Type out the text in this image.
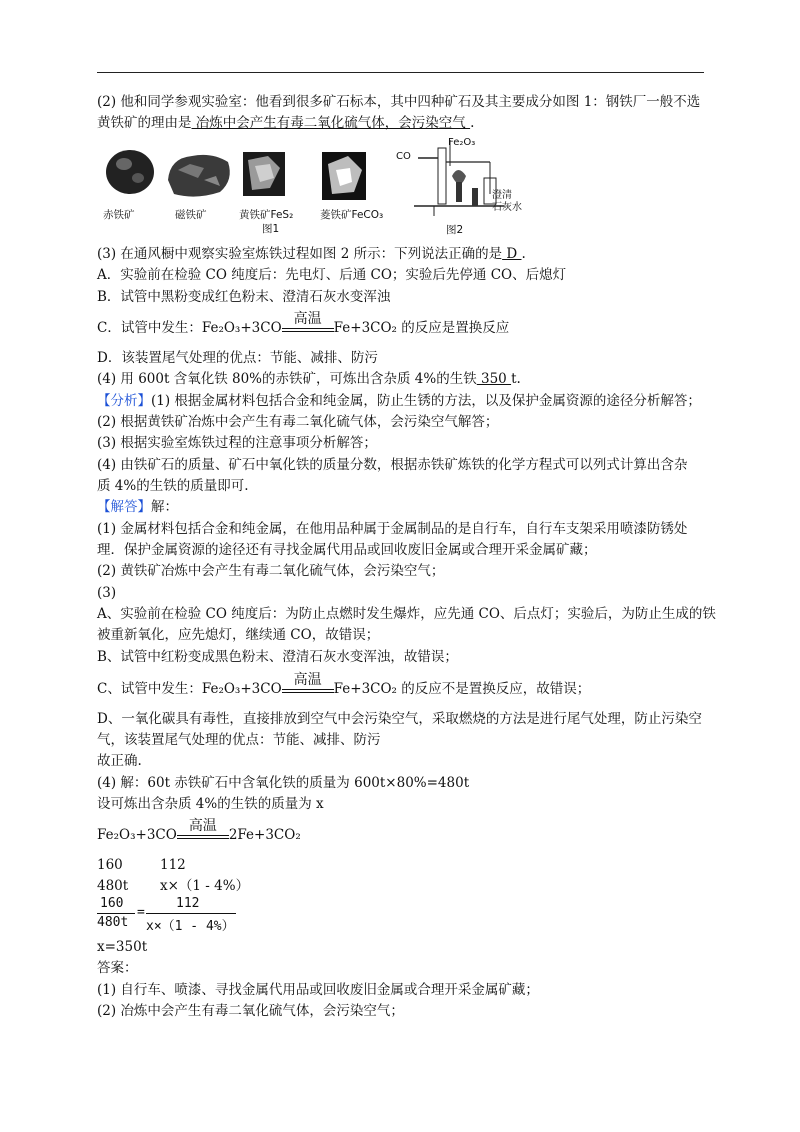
(2) 他和同学参观实验室：他看到很多矿石标本，其中四种矿石及其主要成分如图 1：钢铁厂一般不选
黄铁矿的理由是 冶炼中会产生有毒二氧化硫气体，会污染空气 .
赤铁矿	磁铁矿	黄铁矿FeS₂	菱铁矿FeCO₃
图1
CO
Fe₂O₃
澄清
石灰水
图2
(3) 在通风橱中观察实验室炼铁过程如图 2 所示：下列说法正确的是 D .
A．实验前在检验 CO 纯度后：先电灯、后通 CO；实验后先停通 CO、后熄灯
B．试管中黑粉变成红色粉末、澄清石灰水变浑浊
C．试管中发生：Fe₂O₃+3CO
高温
Fe+3CO₂ 的反应是置换反应
D．该装置尾气处理的优点：节能、减排、防污
(4) 用 600t 含氧化铁 80%的赤铁矿，可炼出含杂质 4%的生铁 350 t.
【分析】(1) 根据金属材料包括合金和纯金属，防止生锈的方法，以及保护金属资源的途径分析解答；
(2) 根据黄铁矿冶炼中会产生有毒二氧化硫气体，会污染空气解答；
(3) 根据实验室炼铁过程的注意事项分析解答；
(4) 由铁矿石的质量、矿石中氧化铁的质量分数，根据赤铁矿炼铁的化学方程式可以列式计算出含杂
质 4%的生铁的质量即可.
【解答】解：
(1) 金属材料包括合金和纯金属，在他用品种属于金属制品的是自行车，自行车支架采用喷漆防锈处
理．保护金属资源的途径还有寻找金属代用品或回收废旧金属或合理开采金属矿藏；
(2) 黄铁矿冶炼中会产生有毒二氧化硫气体，会污染空气；
(3)
A、实验前在检验 CO 纯度后：为防止点燃时发生爆炸，应先通 CO、后点灯；实验后，为防止生成的铁
被重新氧化，应先熄灯，继续通 CO，故错误；
B、试管中红粉变成黑色粉末、澄清石灰水变浑浊，故错误；
C、试管中发生：Fe₂O₃+3CO
高温
Fe+3CO₂ 的反应不是置换反应，故错误；
D、一氧化碳具有毒性，直接排放到空气中会污染空气，采取燃烧的方法是进行尾气处理，防止污染空
气，该装置尾气处理的优点：节能、减排、防污
故正确.
(4) 解：60t 赤铁矿石中含氧化铁的质量为 600t×80%=480t
设可炼出含杂质 4%的生铁的质量为 x
Fe₂O₃+3CO
高温
2Fe+3CO₂
160	112
480t x×（1 - 4%）
160
480t
=
112
x×（1 - 4%）
x=350t
答案：
(1) 自行车、喷漆、寻找金属代用品或回收废旧金属或合理开采金属矿藏；
(2) 冶炼中会产生有毒二氧化硫气体，会污染空气；
